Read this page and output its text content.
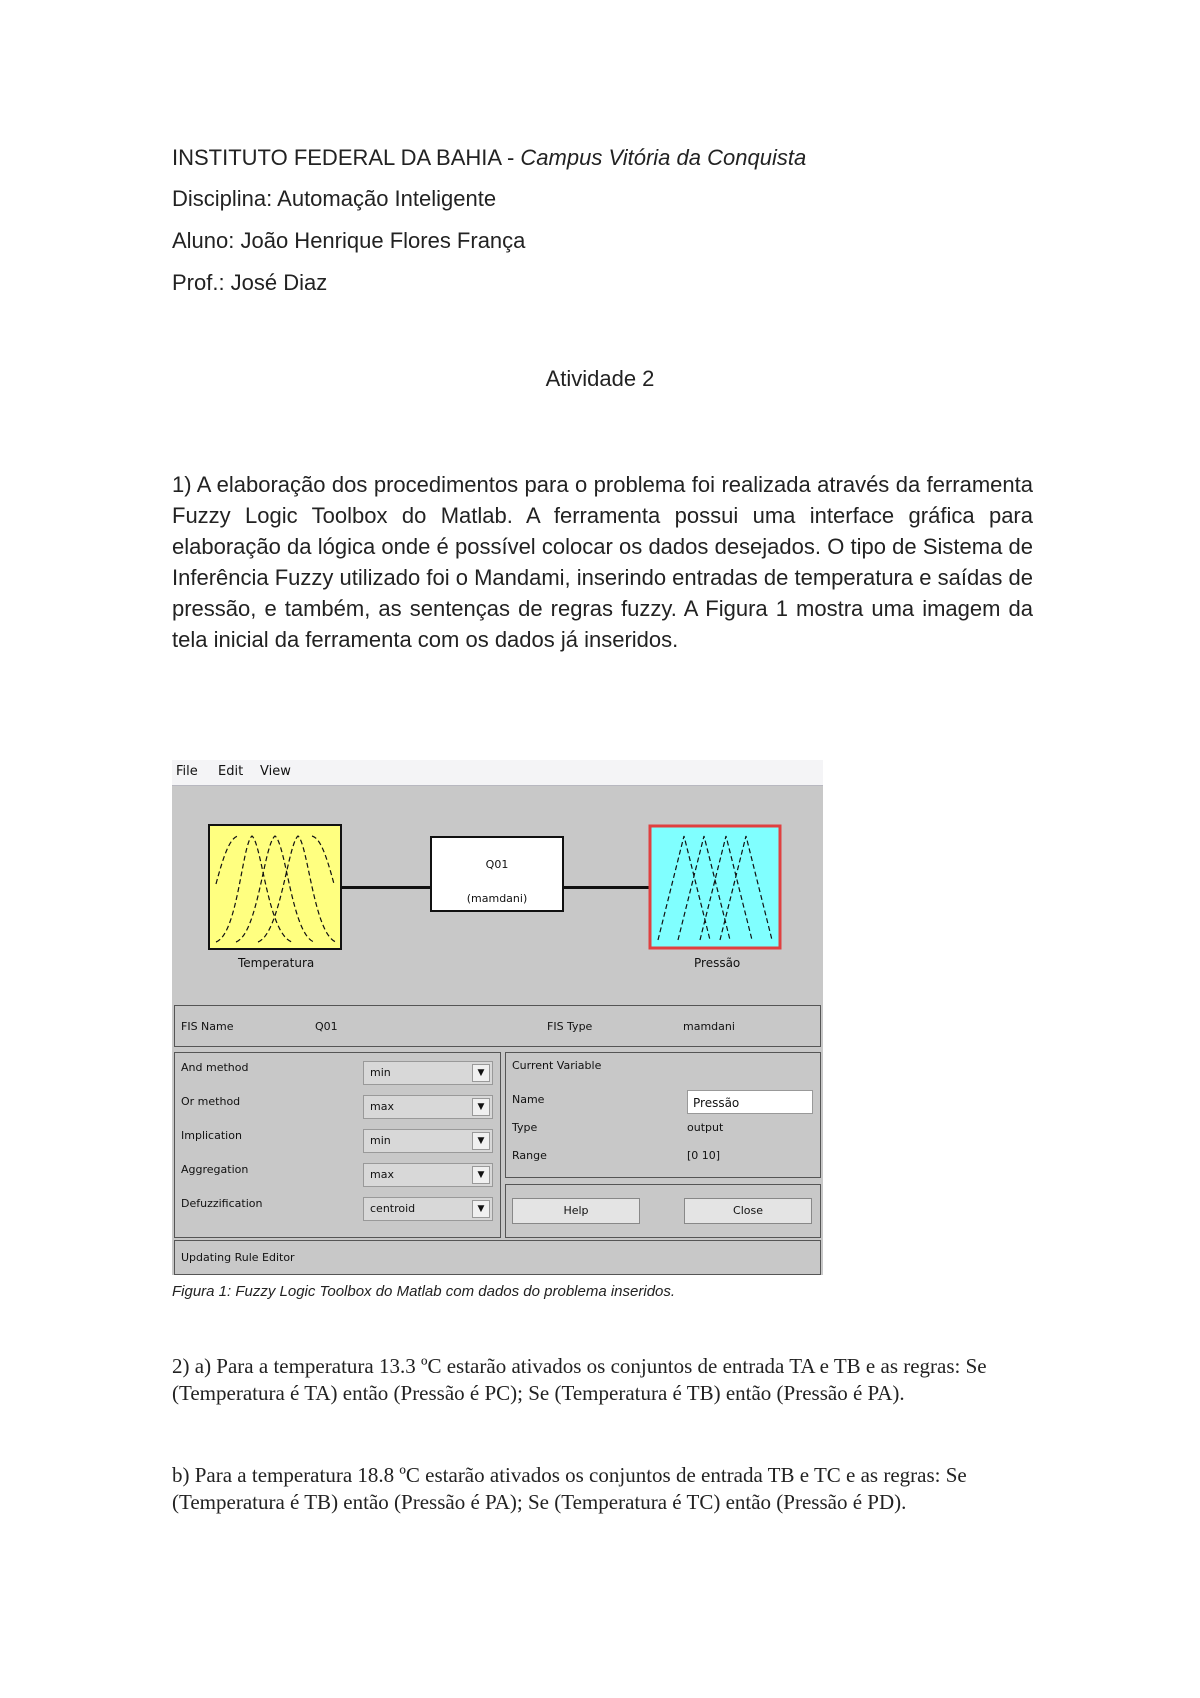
INSTITUTO FEDERAL DA BAHIA - Campus Vitória da Conquista
Disciplina: Automação Inteligente
Aluno: João Henrique Flores França
Prof.: José Diaz
Atividade 2
1) A elaboração dos procedimentos para o problema foi realizada através da ferramenta Fuzzy Logic Toolbox do Matlab. A ferramenta possui uma interface gráfica para elaboração da lógica onde é possível colocar os dados desejados. O tipo de Sistema de Inferência Fuzzy utilizado foi o Mandami, inserindo entradas de temperatura e saídas de pressão, e também, as sentenças de regras fuzzy. A Figura 1 mostra uma imagem da tela inicial da ferramenta com os dados já inseridos.
File Edit View
Temperatura
Q01
(mamdani)
Pressão
FIS Name	Q01	FIS Type	mamdani
And method	min	▼
Or method	max	▼
Implication	min	▼
Aggregation	max	▼
Defuzzification	centroid	▼
Current Variable
Name	Pressão
Type	output
Range	[0 10]
Help	Close
Updating Rule Editor
Figura 1: Fuzzy Logic Toolbox do Matlab com dados do problema inseridos.
2) a) Para a temperatura 13.3 ºC estarão ativados os conjuntos de entrada TA e TB e as regras: Se (Temperatura é TA) então (Pressão é PC); Se (Temperatura é TB) então (Pressão é PA).
b) Para a temperatura 18.8 ºC estarão ativados os conjuntos de entrada TB e TC e as regras: Se (Temperatura é TB) então (Pressão é PA); Se (Temperatura é TC) então (Pressão é PD).
